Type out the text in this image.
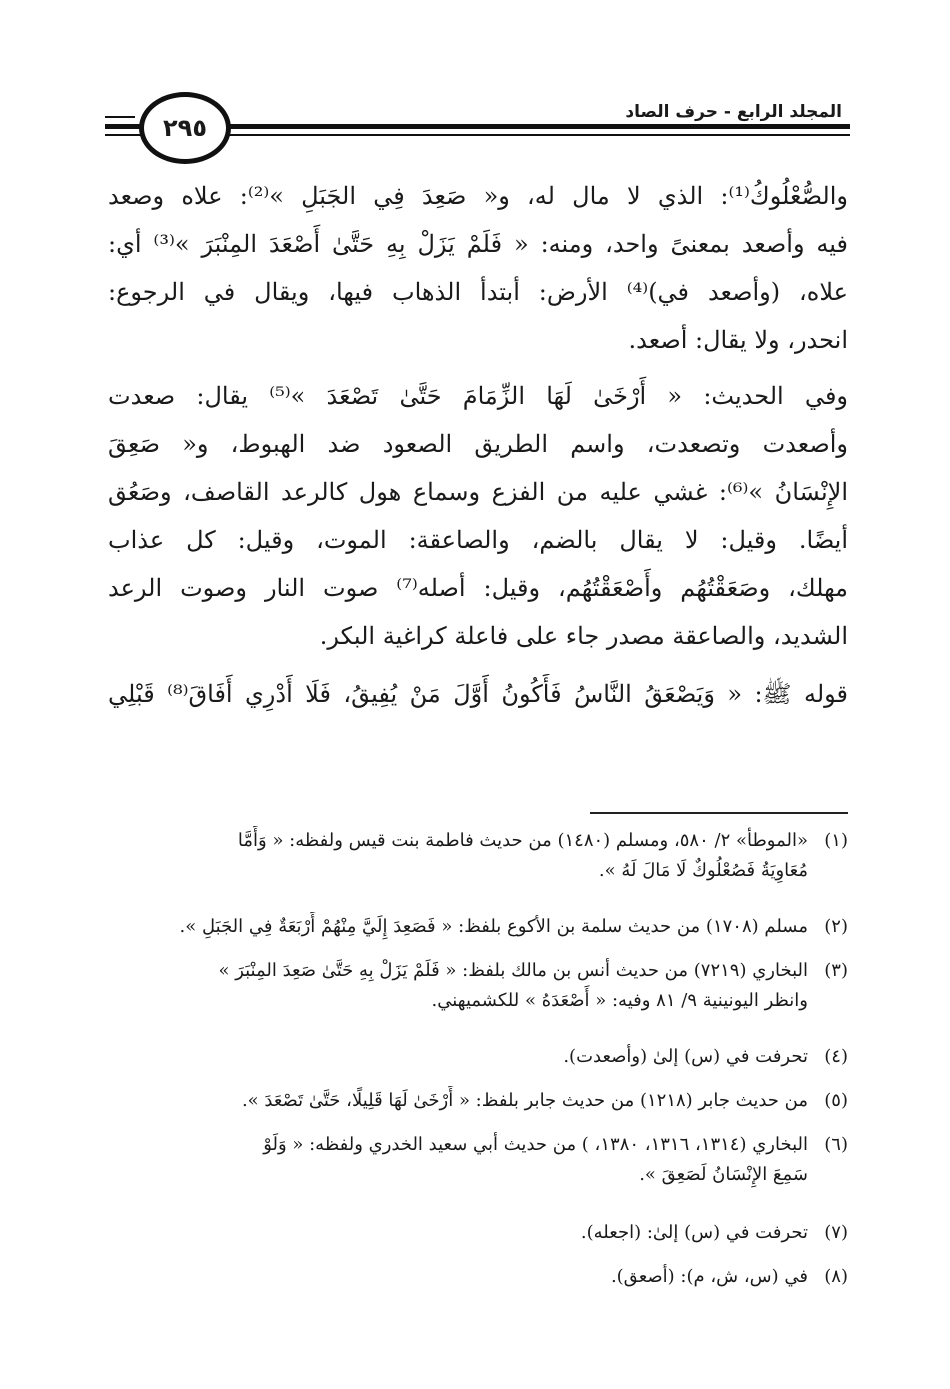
المجلد الرابع - حرف الصاد
٢٩٥
والصُّعْلُوكُ⁽¹⁾: الذي لا مال له، و« صَعِدَ فِي الجَبَلِ »⁽²⁾: علاه وصعد
فيه وأصعد بمعنىً واحد، ومنه: « فَلَمْ يَزَلْ بِهِ حَتَّىٰ أَصْعَدَ المِنْبَرَ »⁽³⁾ أي:
علاه، (وأصعد في)⁽⁴⁾ الأرض: أبتدأ الذهاب فيها، ويقال في الرجوع:
انحدر، ولا يقال: أصعد.
وفي الحديث: « أَرْخَىٰ لَهَا الزِّمَامَ حَتَّىٰ تَصْعَدَ »⁽⁵⁾ يقال: صعدت
وأصعدت وتصعدت، واسم الطريق الصعود ضد الهبوط، و« صَعِقَ
الإِنْسَانُ »⁽⁶⁾: غشي عليه من الفزع وسماع هول كالرعد القاصف، وصَعُق
أيضًا. وقيل: لا يقال بالضم، والصاعقة: الموت، وقيل: كل عذاب
مهلك، وصَعَقْتُهُم وأَصْعَقْتُهُم، وقيل: أصله⁽⁷⁾ صوت النار وصوت الرعد
الشديد، والصاعقة مصدر جاء على فاعلة كراغية البكر.
قوله ﷺ: « وَيَصْعَقُ النَّاسُ فَأَكُونُ أَوَّلَ مَنْ يُفِيقُ، فَلَا أَدْرِي أَفَاقَ⁽⁸⁾ قَبْلِي
(١)«الموطأ» ٢/ ٥٨٠، ومسلم (١٤٨٠) من حديث فاطمة بنت قيس ولفظه: « وَأَمَّا
مُعَاوِيَةُ فَصُعْلُوكٌ لَا مَالَ لَهُ ».
(٢)مسلم (١٧٠٨) من حديث سلمة بن الأكوع بلفظ: « فَصَعِدَ إِلَيَّ مِنْهُمْ أَرْبَعَةٌ فِي الجَبَلِ ».
(٣)البخاري (٧٢١٩) من حديث أنس بن مالك بلفظ: « فَلَمْ يَزَلْ بِهِ حَتَّىٰ صَعِدَ المِنْبَرَ »
وانظر اليونينية ٩/ ٨١ وفيه: « أَصْعَدَهُ » للكشميهني.
(٤)تحرفت في (س) إلىٰ (وأصعدت).
(٥)من حديث جابر (١٢١٨) من حديث جابر بلفظ: « أَرْخَىٰ لَهَا قَلِيلًا، حَتَّىٰ تَصْعَدَ ».
(٦)البخاري (١٣١٤، ١٣١٦، ١٣٨٠، ) من حديث أبي سعيد الخدري ولفظه: « وَلَوْ
سَمِعَ الإِنْسَانُ لَصَعِقَ ».
(٧)تحرفت في (س) إلىٰ: (اجعله).
(٨)في (س، ش، م): (أصعق).
